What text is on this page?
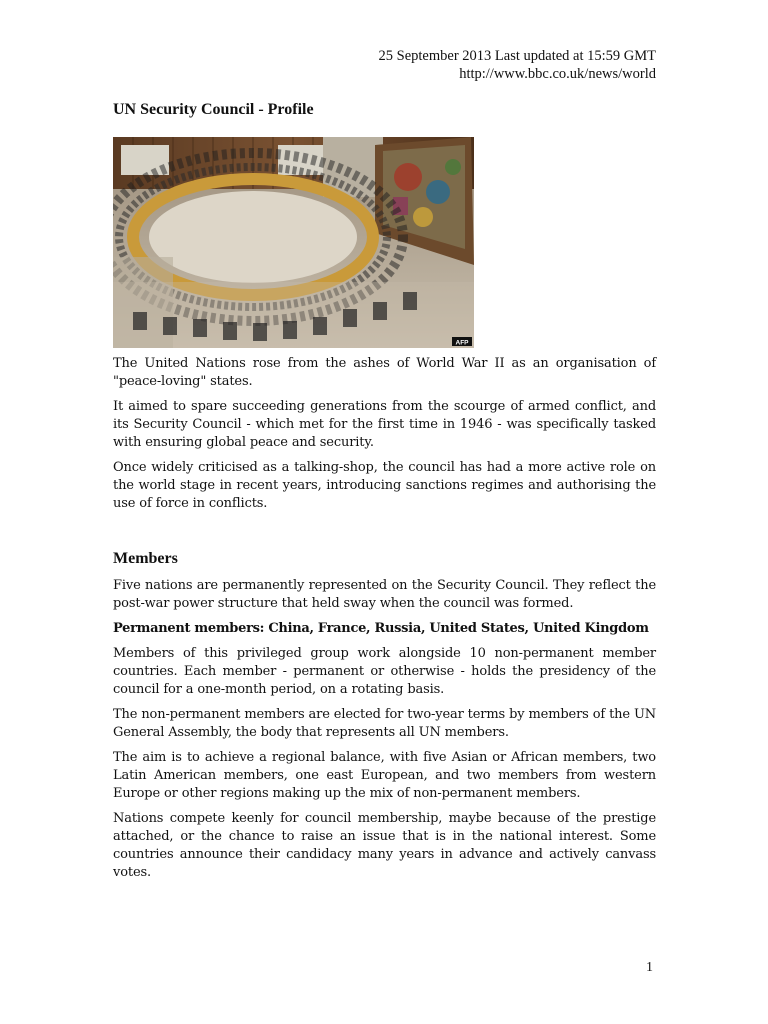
25 September 2013 Last updated at 15:59 GMT
http://www.bbc.co.uk/news/world
UN Security Council - Profile
AFP

The United Nations rose from the ashes of World War II as an organisation of "peace-loving" states.

It aimed to spare succeeding generations from the scourge of armed conflict, and its Security Council - which met for the first time in 1946 - was specifically tasked with ensuring global peace and security.

Once widely criticised as a talking-shop, the council has had a more active role on the world stage in recent years, introducing sanctions regimes and authorising the use of force in conflicts.

Members

Five nations are permanently represented on the Security Council. They reflect the post-war power structure that held sway when the council was formed.

Permanent members: China, France, Russia, United States, United Kingdom

Members of this privileged group work alongside 10 non-permanent member countries. Each member - permanent or otherwise - holds the presidency of the council for a one-month period, on a rotating basis.

The non-permanent members are elected for two-year terms by members of the UN General Assembly, the body that represents all UN members.

The aim is to achieve a regional balance, with five Asian or African members, two Latin American members, one east European, and two members from western Europe or other regions making up the mix of non-permanent members.

Nations compete keenly for council membership, maybe because of the prestige attached, or the chance to raise an issue that is in the national interest. Some countries announce their candidacy many years in advance and actively canvass votes.

1
